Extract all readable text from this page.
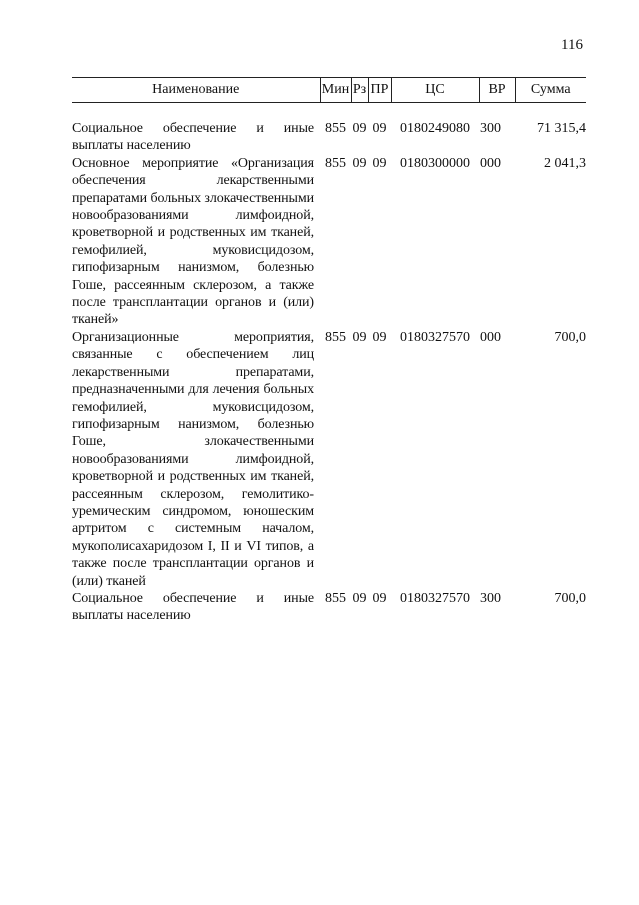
116
Наименование	Мин	Рз	ПР	ЦС	ВР	Сумма

Социальное обеспечение и иные выплаты населению	855	09	09	0180249080	300	71 315,4
Основное мероприятие «Организация обеспечения лекарственными препаратами больных злокачественными новообразованиями лимфоидной, кроветворной и родственных им тканей, гемофилией, муковисцидозом, гипофизарным нанизмом, болезнью Гоше, рассеянным склерозом, а также после трансплантации органов и (или) тканей»	855	09	09	0180300000	000	2 041,3
Организационные мероприятия, связанные с обеспечением лиц лекарственными препаратами, предназначенными для лечения больных гемофилией, муковисцидозом, гипофизарным нанизмом, болезнью Гоше, злокачественными новообразованиями лимфоидной, кроветворной и родственных им тканей, рассеянным склерозом, гемолитико-уремическим синдромом, юношеским артритом с системным началом, мукополисахаридозом I, II и VI типов, а также после трансплантации органов и (или) тканей	855	09	09	0180327570	000	700,0
Социальное обеспечение и иные выплаты населению	855	09	09	0180327570	300	700,0
